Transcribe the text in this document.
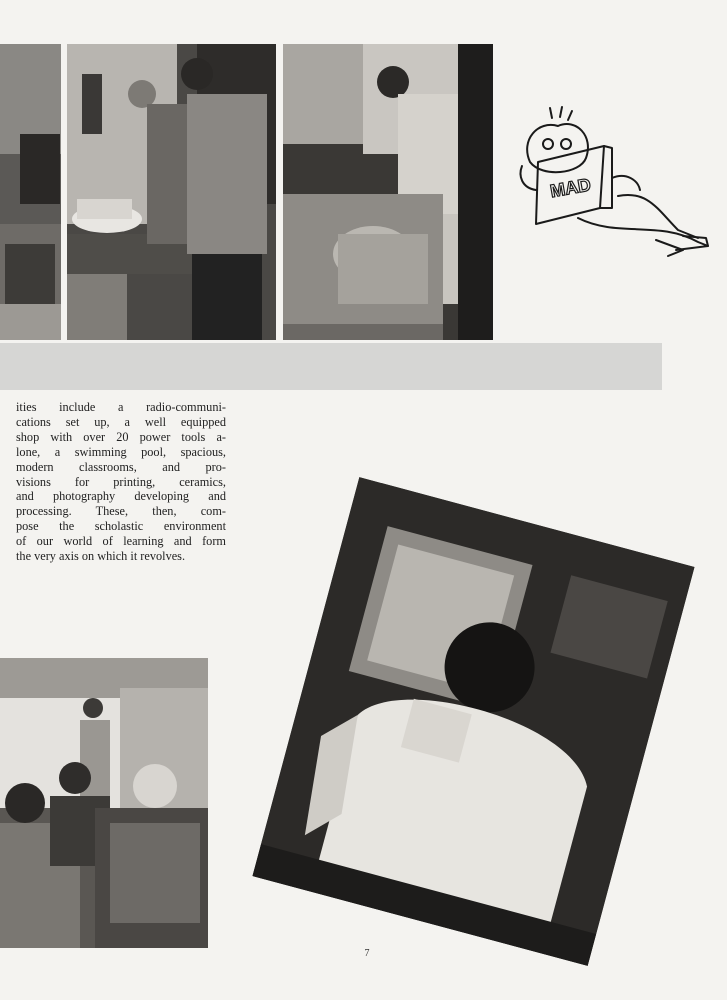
MAD

ities include a radio-communi-
cations set up, a well equipped
shop with over 20 power tools a-
lone, a swimming pool, spacious,
modern classrooms, and pro-
visions for printing, ceramics,
and photography developing and
processing. These, then, com-
pose the scholastic environment
of our world of learning and form
the very axis on which it revolves.

7
